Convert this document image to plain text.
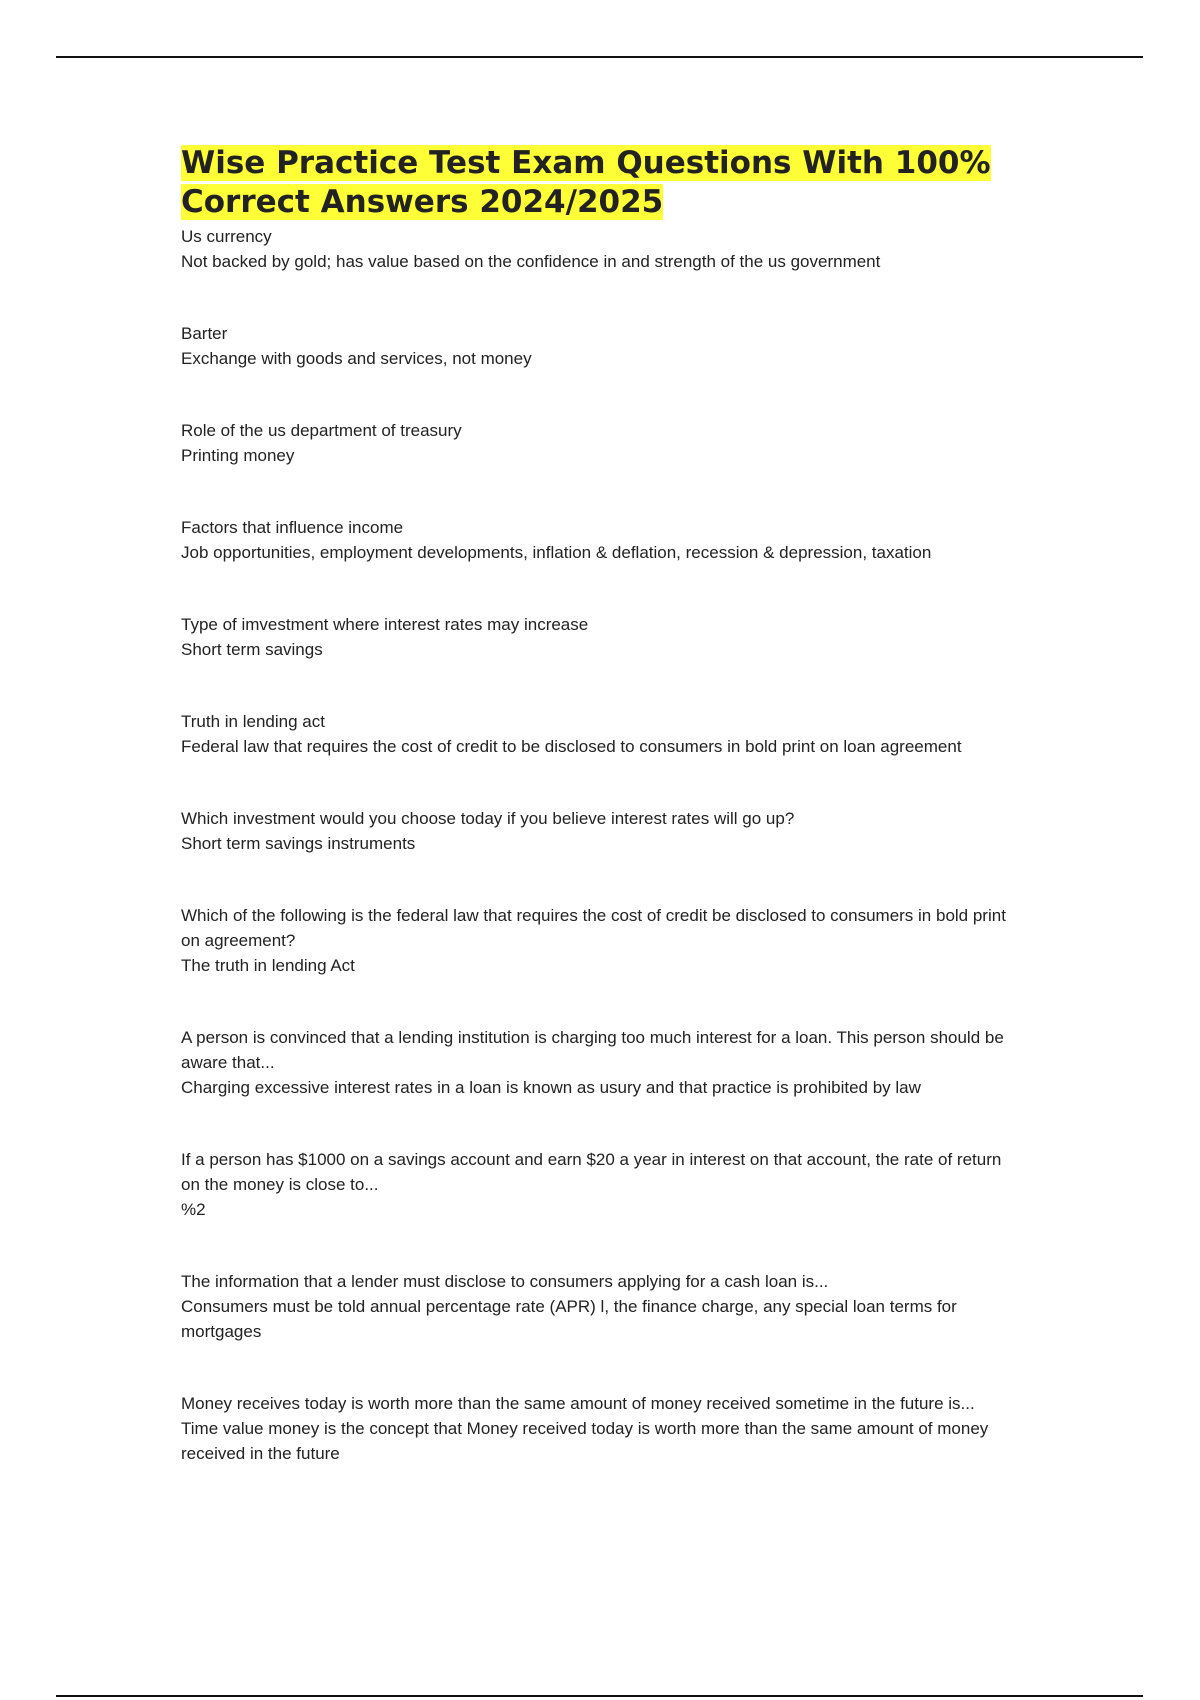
Wise Practice Test Exam Questions With 100% Correct Answers 2024/2025
Us currency
Not backed by gold; has value based on the confidence in and strength of the us government
Barter
Exchange with goods and services, not money
Role of the us department of treasury
Printing money
Factors that influence income
Job opportunities, employment developments, inflation & deflation, recession & depression, taxation
Type of imvestment where interest rates may increase
Short term savings
Truth in lending act
Federal law that requires the cost of credit to be disclosed to consumers in bold print on loan agreement
Which investment would you choose today if you believe interest rates will go up?
Short term savings instruments
Which of the following is the federal law that requires the cost of credit be disclosed to consumers in bold print on agreement?
The truth in lending Act
A person is convinced that a lending institution is charging too much interest for a loan. This person should be aware that...
Charging excessive interest rates in a loan is known as usury and that practice is prohibited by law
If a person has $1000 on a savings account and earn $20 a year in interest on that account, the rate of return on the money is close to...
%2
The information that a lender must disclose to consumers applying for a cash loan is...
Consumers must be told annual percentage rate (APR) l, the finance charge, any special loan terms for mortgages
Money receives today is worth more than the same amount of money received sometime in the future is...
Time value money is the concept that Money received today is worth more than the same amount of money received in the future
